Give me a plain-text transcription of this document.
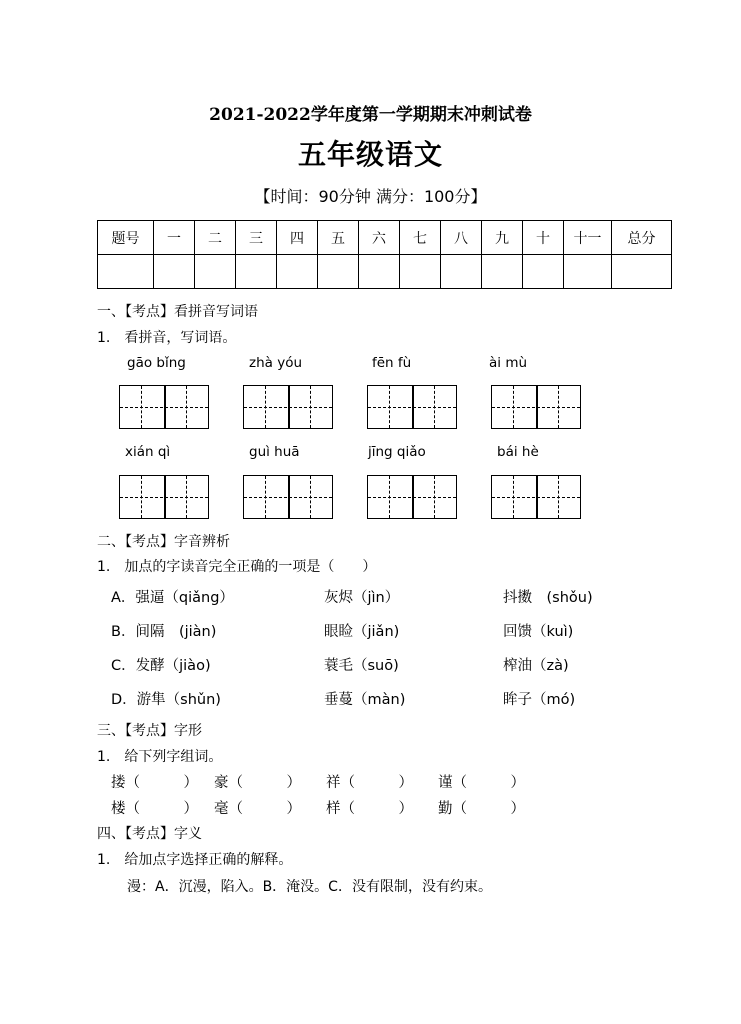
2021-2022学年度第一学期期末冲刺试卷
五年级语文
【时间：90分钟 满分：100分】
题号	一	二	三	四	五	六	七	八	九	十	十一	总分

一、【考点】看拼音写词语
1.　看拼音，写词语。
gāo bǐng	zhà yóu	fēn fù	ài mù
xián qì	guì huā	jīng qiǎo	bái hè
二、【考点】字音辨析
1.　加点的字读音完全正确的一项是（　　）
A．强逼（qiǎng）	灰烬（jìn）	抖擞　(shǒu)
B．间隔　(jiàn)	眼睑（jiǎn)	回馈（kuì)
C．发酵（jiào)	蓑毛（suō)	榨油（zà)
D．游隼（shǔn)	垂蔓（màn)	眸子（mó)
三、【考点】字形
1.　给下列字组词。
搂（　　　） 豪（　　　） 祥（　　　） 谨（　　　）
楼（　　　） 毫（　　　） 样（　　　） 勤（　　　）
四、【考点】字义
1.　给加点字选择正确的解释。
漫：A．沉漫，陷入。B．淹没。C．没有限制，没有约束。
